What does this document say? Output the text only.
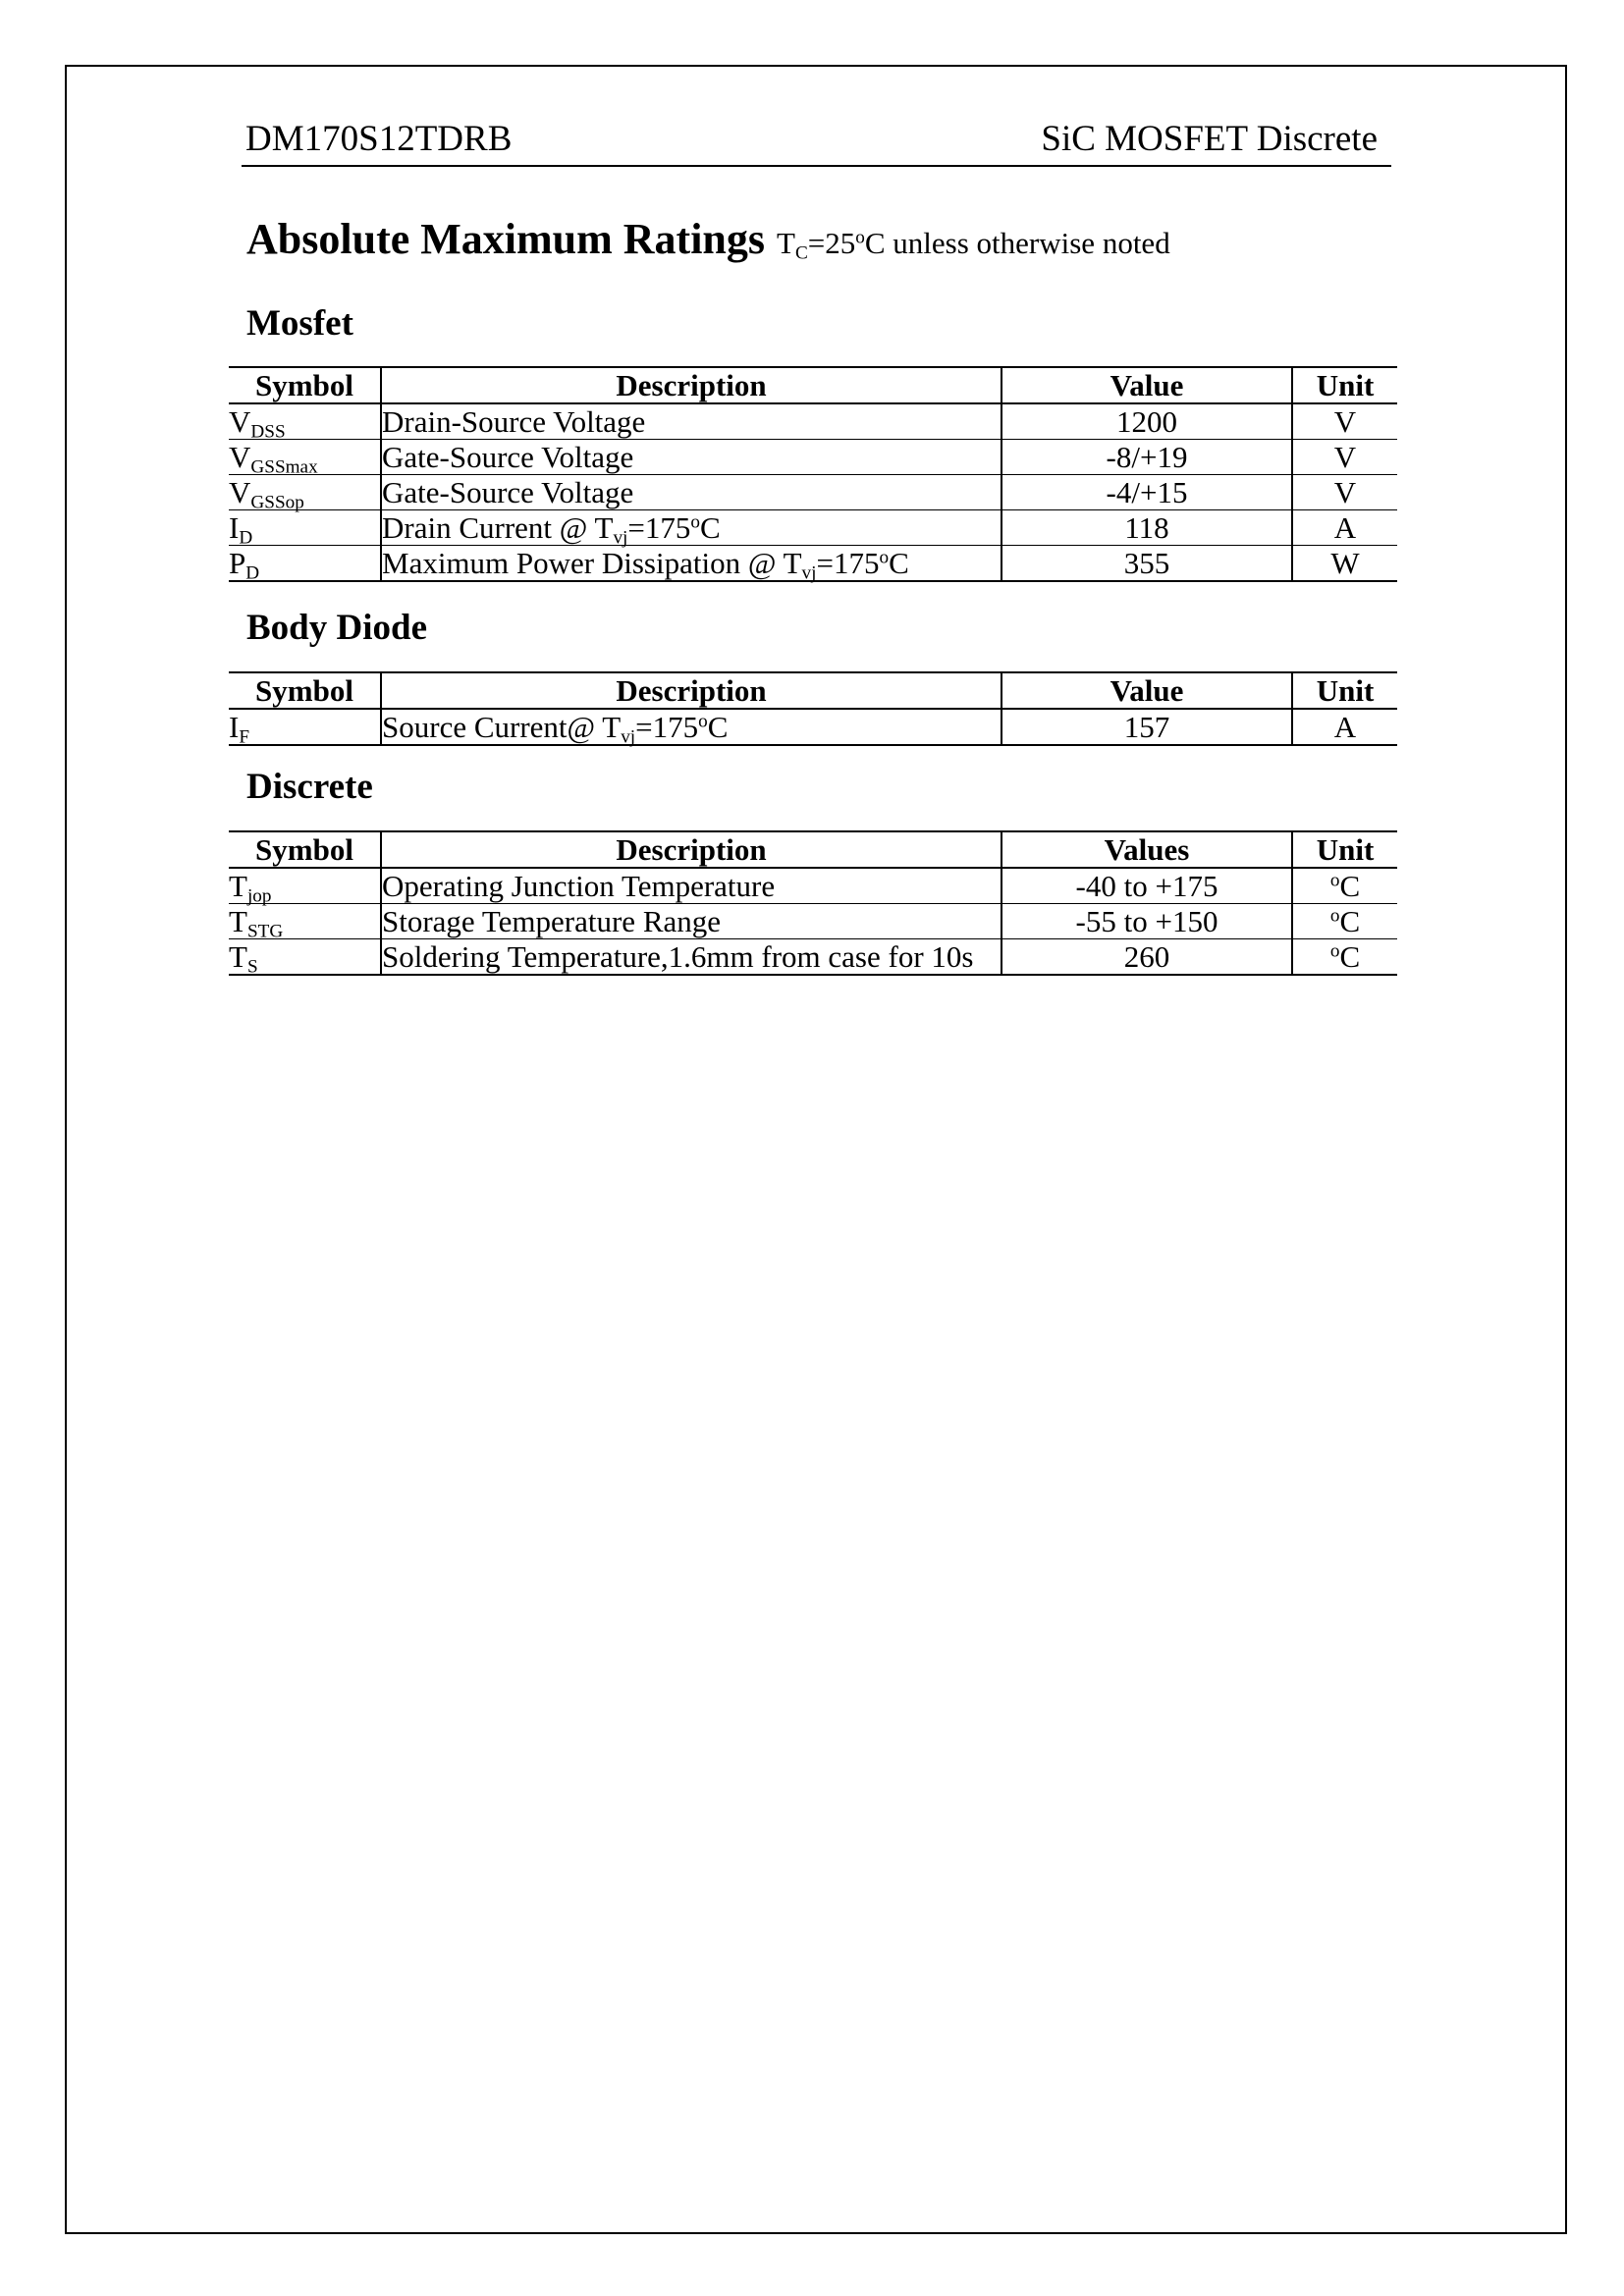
DM170S12TDRB	SiC MOSFET Discrete
Absolute Maximum Ratings $T_C=25^oC$ unless otherwise noted
Mosfet
Symbol	Description	Value	Unit
$V_{DSS}$	Drain-Source Voltage	1200	V
$V_{GSSmax}$	Gate-Source Voltage	-8/+19	V
$V_{GSSop}$	Gate-Source Voltage	-4/+15	V
$I_D$	Drain Current @ $T_{vj}=175^oC$	118	A
$P_D$	Maximum Power Dissipation @ $T_{vj}=175^oC$	355	W
Body Diode
Symbol	Description	Value	Unit
$I_F$	Source Current@ $T_{vj}=175^oC$	157	A
Discrete
Symbol	Description	Values	Unit
$T_{jop}$	Operating Junction Temperature	-40 to +175	$^o$C
$T_{STG}$	Storage Temperature Range	-55 to +150	$^o$C
$T_S$	Soldering Temperature,1.6mm from case for 10s	260	$^o$C
